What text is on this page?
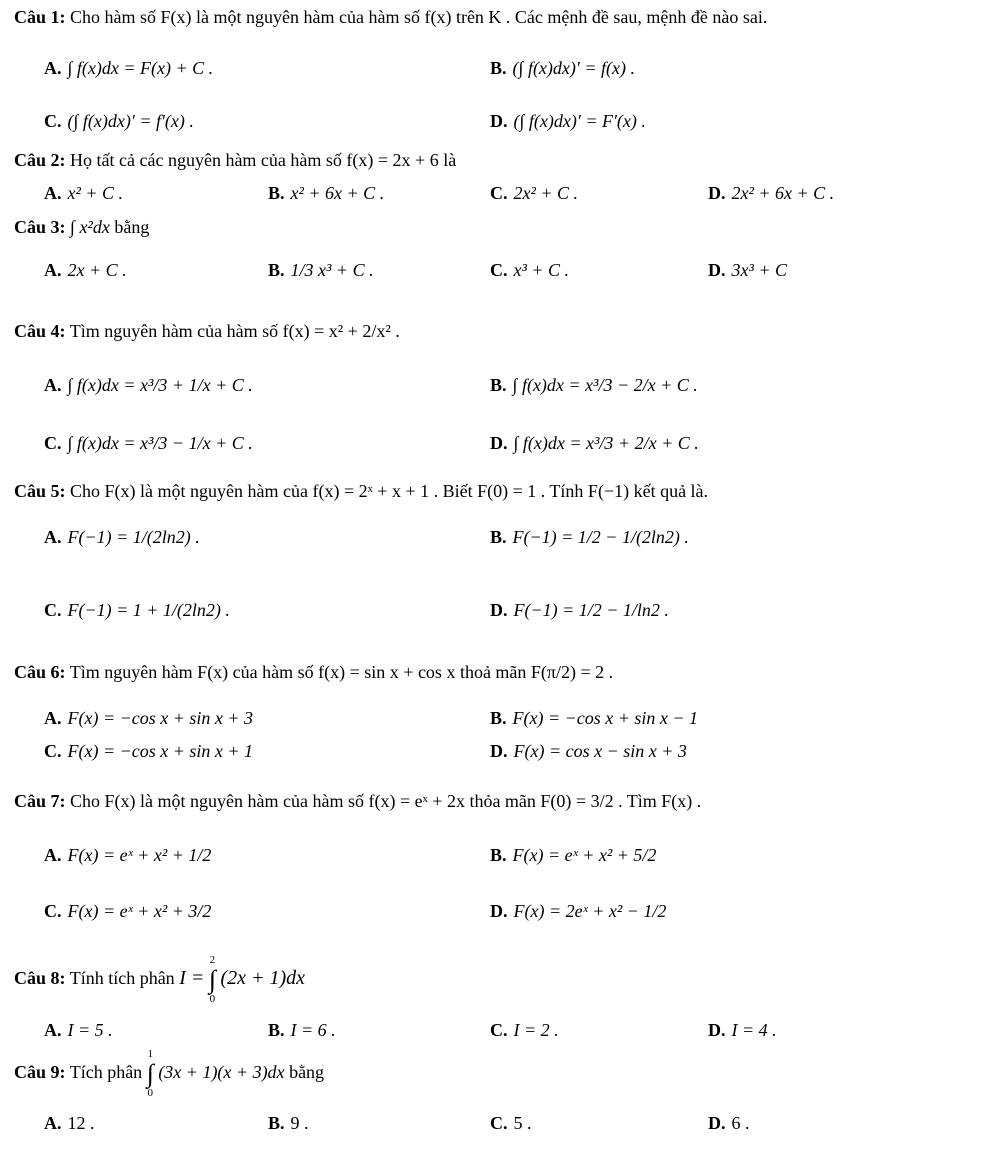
Câu 1: Cho hàm số F(x) là một nguyên hàm của hàm số f(x) trên K . Các mệnh đề sau, mệnh đề nào sai.
A. ∫ f(x)dx = F(x) + C .	B. (∫ f(x)dx)′ = f(x) .
C. (∫ f(x)dx)′ = f′(x) .	D. (∫ f(x)dx)′ = F′(x) .
Câu 2: Họ tất cả các nguyên hàm của hàm số f(x) = 2x + 6 là
A. x² + C .	B. x² + 6x + C .	C. 2x² + C .	D. 2x² + 6x + C .
Câu 3: ∫ x²dx bằng
A. 2x + C .	B. 1/3 x³ + C .	C. x³ + C .	D. 3x³ + C
Câu 4: Tìm nguyên hàm của hàm số f(x) = x² + 2/x² .
A. ∫ f(x)dx = x³/3 + 1/x + C .	B. ∫ f(x)dx = x³/3 − 2/x + C .
C. ∫ f(x)dx = x³/3 − 1/x + C .	D. ∫ f(x)dx = x³/3 + 2/x + C .
Câu 5: Cho F(x) là một nguyên hàm của f(x) = 2ˣ + x + 1 . Biết F(0) = 1 . Tính F(−1) kết quả là.
A. F(−1) = 1/(2ln2) .	B. F(−1) = 1/2 − 1/(2ln2) .
C. F(−1) = 1 + 1/(2ln2) .	D. F(−1) = 1/2 − 1/ln2 .
Câu 6: Tìm nguyên hàm F(x) của hàm số f(x) = sin x + cos x thoả mãn F(π/2) = 2 .
A. F(x) = −cos x + sin x + 3	B. F(x) = −cos x + sin x − 1
C. F(x) = −cos x + sin x + 1	D. F(x) = cos x − sin x + 3
Câu 7: Cho F(x) là một nguyên hàm của hàm số f(x) = eˣ + 2x thỏa mãn F(0) = 3/2 . Tìm F(x) .
A. F(x) = eˣ + x² + 1/2	B. F(x) = eˣ + x² + 5/2
C. F(x) = eˣ + x² + 3/2	D. F(x) = 2eˣ + x² − 1/2
Câu 8: Tính tích phân I = 2
∫
0 (2x + 1)dx
A. I = 5 .	B. I = 6 .	C. I = 2 .	D. I = 4 .
Câu 9: Tích phân 1
∫
0 (3x + 1)(x + 3)dx bằng
A. 12 .	B. 9 .	C. 5 .	D. 6 .
